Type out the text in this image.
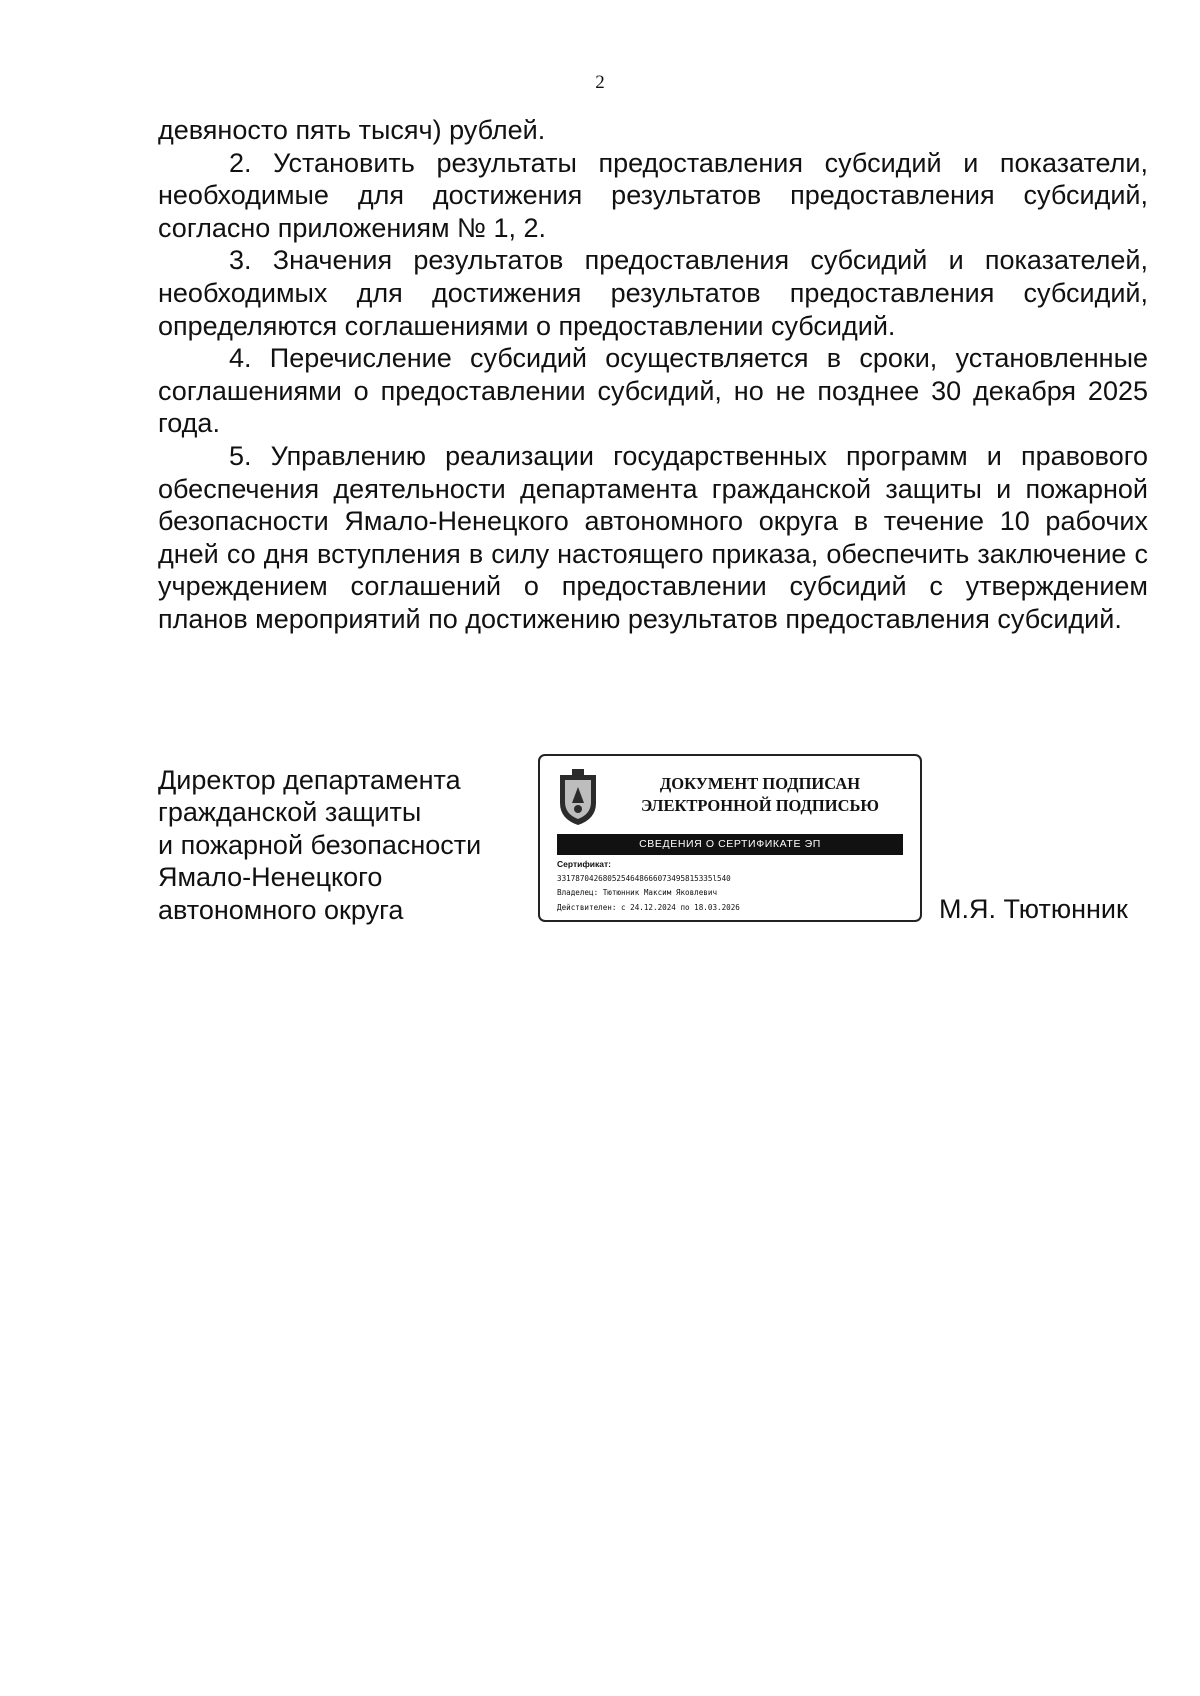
2

девяносто пять тысяч) рублей.

2. Установить результаты предоставления субсидий и показатели, необходимые для достижения результатов предоставления субсидий, согласно приложениям № 1, 2.

3. Значения результатов предоставления субсидий и показателей, необходимых для достижения результатов предоставления субсидий, определяются соглашениями о предоставлении субсидий.

4. Перечисление субсидий осуществляется в сроки, установленные соглашениями о предоставлении субсидий, но не позднее 30 декабря 2025 года.

5. Управлению реализации государственных программ и правового обеспечения деятельности департамента гражданской защиты и пожарной безопасности Ямало-Ненецкого автономного округа в течение 10 рабочих дней со дня вступления в силу настоящего приказа, обеспечить заключение с учреждением соглашений о предоставлении субсидий с утверждением планов мероприятий по достижению результатов предоставления субсидий.

Директор департамента
гражданской защиты
и пожарной безопасности
Ямало-Ненецкого
автономного округа
ДОКУМЕНТ ПОДПИСАН
ЭЛЕКТРОННОЙ ПОДПИСЬЮ
СВЕДЕНИЯ О СЕРТИФИКАТЕ ЭП
Сертификат:
3317870426805254648666073495815335l540
Владелец: Тютюнник Максим Яковлевич
Действителен: с 24.12.2024 по 18.03.2026	М.Я. Тютюнник
